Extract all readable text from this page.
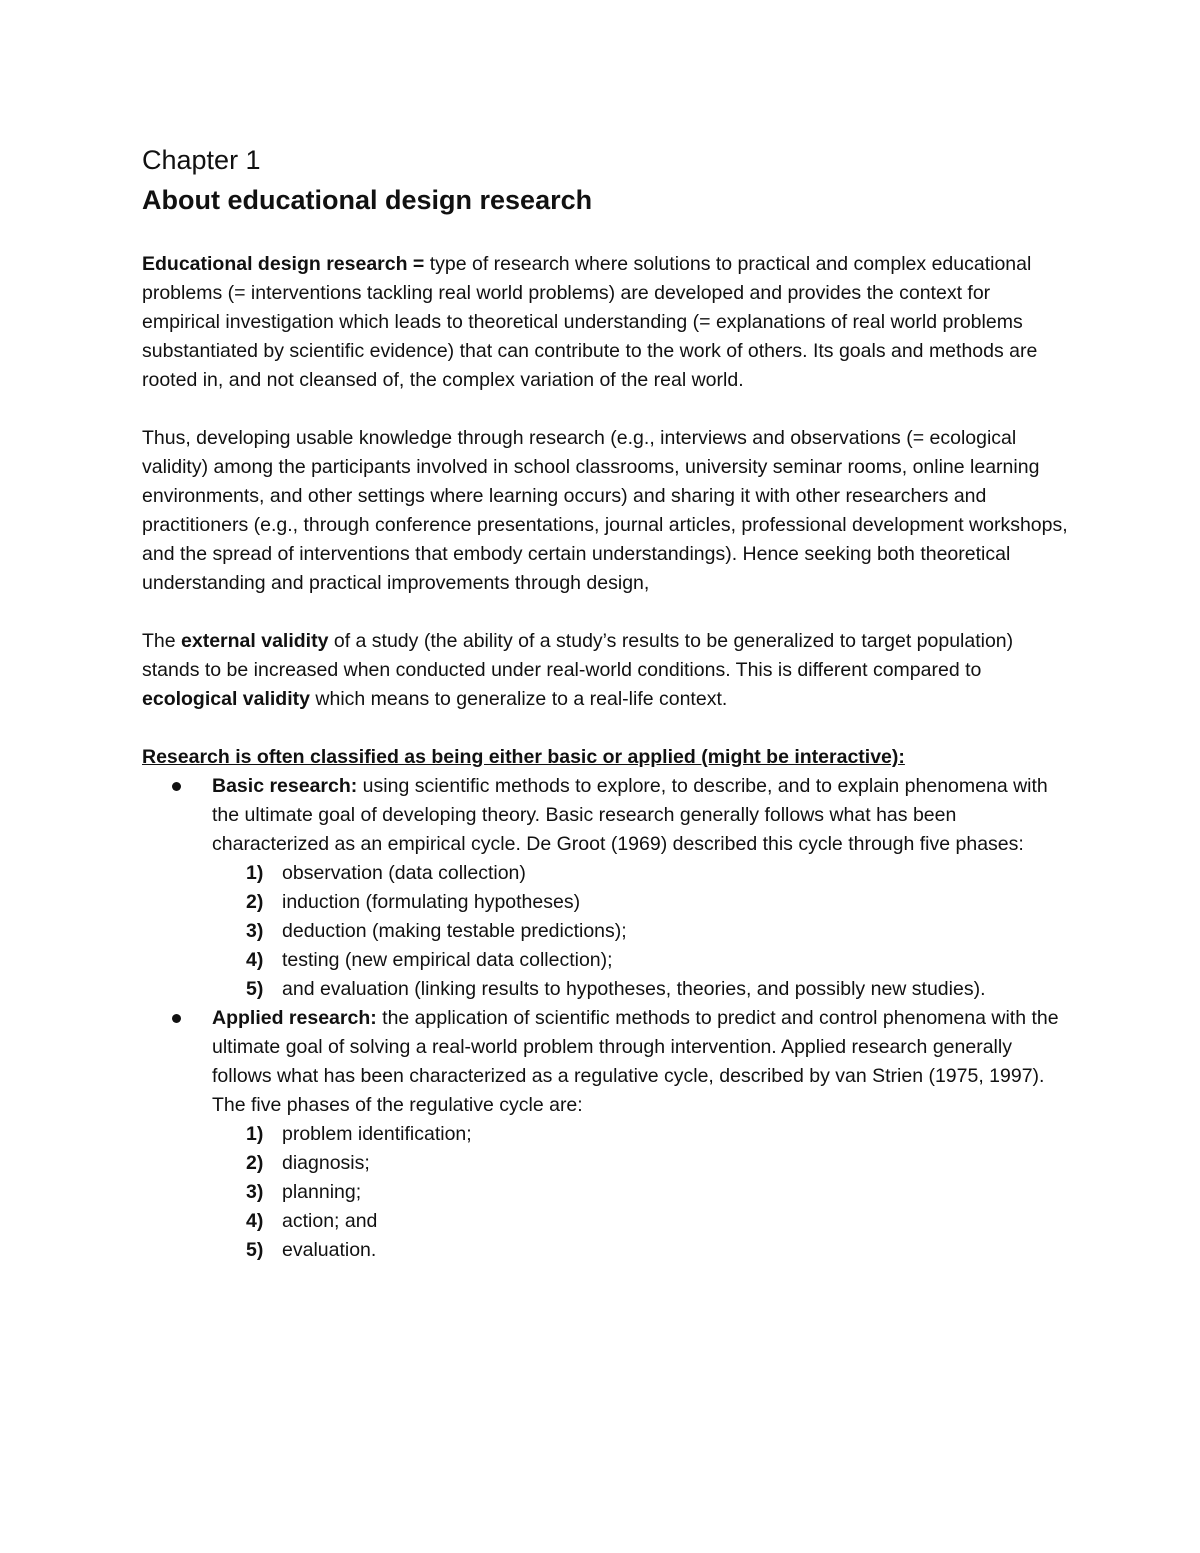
Chapter 1
About educational design research

Educational design research = type of research where solutions to practical and complex educational problems (= interventions tackling real world problems) are developed and provides the context for empirical investigation which leads to theoretical understanding (= explanations of real world problems substantiated by scientific evidence) that can contribute to the work of others. Its goals and methods are rooted in, and not cleansed of, the complex variation of the real world.

Thus, developing usable knowledge through research (e.g., interviews and observations (= ecological validity) among the participants involved in school classrooms, university seminar rooms, online learning environments, and other settings where learning occurs) and sharing it with other researchers and practitioners (e.g., through conference presentations, journal articles, professional development workshops, and the spread of interventions that embody certain understandings). Hence seeking both theoretical understanding and practical improvements through design,

The external validity of a study (the ability of a study’s results to be generalized to target population) stands to be increased when conducted under real-world conditions. This is different compared to ecological validity which means to generalize to a real-life context.

Research is often classified as being either basic or applied (might be interactive):

Basic research: using scientific methods to explore, to describe, and to explain phenomena with the ultimate goal of developing theory. Basic research generally follows what has been characterized as an empirical cycle. De Groot (1969) described this cycle through five phases:
1) observation (data collection)
2) induction (formulating hypotheses)
3) deduction (making testable predictions);
4) testing (new empirical data collection);
5) and evaluation (linking results to hypotheses, theories, and possibly new studies).
Applied research: the application of scientific methods to predict and control phenomena with the ultimate goal of solving a real-world problem through intervention. Applied research generally follows what has been characterized as a regulative cycle, described by van Strien (1975, 1997). The five phases of the regulative cycle are:
1) problem identification;
2) diagnosis;
3) planning;
4) action; and
5) evaluation.
